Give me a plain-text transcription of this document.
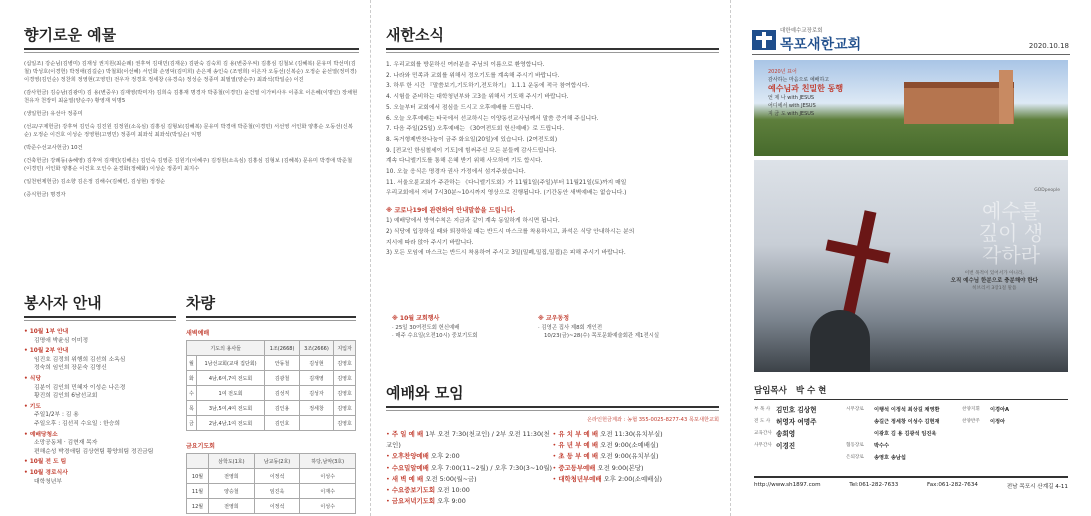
향기로운 예물

(십일조) 강순님(김병미) 김재성 권지원(최순례) 권후억 김대민(김재운) 김판숙 김숙희 김 용(변중우씨) 김홍심 김철보 (김혜복) 문유미 박선미(김 철) 박성호(이경헌) 박정애(김길순) 박철회(이선혜) 서인화 손영덕(김미희) 손은재 송인숙 (조영희) 이은자 오동선(신복순) 오정순 윤선열(정미경) 이경영(김인순) 정찬희 정영현(고영민) 전우자 정경호 정세창 (유경숙) 정성순 정종미 최필열(양순주) 최좌석(박일순) 이진

(감사헌금) 김승남(김광미) 김 용(변중우) 김재영(박미자) 김희숙 김홍재 명경자 박종철(이경민) 윤건열 이가비사우 이종호 이은혜(이명인) 장채현 천유자 천장미 최윤열(양순주) 황영재 익명5

(생일헌금) 유선아 정종미

(선교/구제헌금) 강후억 김인숙 김진원 김정원(소옥심) 김홍심 김형보(김혜복) 문유미 박경애 박준철(이경민) 서선영 서인화 양홍순 오동선(신복순) 오정순 이건호 이성순 정영현(고영민) 정종미 최좌석 최좌석(박일순) 익명

(박준수선교사헌금) 10건

(건축헌금) 강례동(송혜영) 김후억 김재민(김해은) 김인숙 김영준 김원기(이혜주) 김정원(소옥심) 김홍심 김형보 (김혜복) 문유미 박경애 박준철(이경민) 서인화 양홍순 이건호 오인수 윤경화(정혜화) 이성순 정종미 최지수

(일천번제헌금) 김소향 김은정 김해수(김혜린, 김성현) 정정순

(증식헌금) 명경자

봉사자 안내
• 10월 1부 안내
김명애 박윤심 이미정
• 10월 2부 안내
임진호 김정희 위행희 김선희 소옥심
정숙희 임인희 장문숙 김영신
• 식당
김분이 김인희 민혜자 이성순 나은경
황진희 김인희 6남선교회
• 기도
주일1/2부 : 김 용
주일오후 : 김선직 수요일 : 한승희
• 예배당청소
소망공동체 · 김현재 목자
편해순성 박경애팀 김상현팀 황양희팀 정진금팀
• 10월 전 도 팀
• 10월 경로식사
대학청년부
차량
새벽예배
기도의 용사들		1조(2668)	3조(2666)	지입자
월	1남선교회(교대 집단회)	안동철	김성현	김영호
화	4남,6여,7여 전도회	김광철	김재영	김영호
수	1여 전도회	김성직	김성자	김영호
목	3남,5여,4여 전도회	김인용	정세창	김영호
금	2남,4남,1여 전도회	김인호		김영호
금요기도회
	삼학도(1호)	남교동(2호)	하당,남악(3호)
10월	전영희	이정석	이성수
11월	양승철	임진욱	이재수
12월	전영희	이정석	이성수
새한소식
1. 우리교회를 방문하신 여러분을 주님의 이름으로 환영합니다.
2. 나라와 민족과 교회를 위해서 정오기도를 계속해 주시기 바랍니다.
3. 하루 한 시간 『말씀보기,기도하기,전도하기』 1.1.1 운동에 적극 참여합시다.
4. 시험을 준비하는 대학청년부와 고3을 위해서 기도해 주시기 바랍니다.
5. 오늘부터 교회에서 점심을 드시고 오후예배를 드립니다.
6. 오늘 오후예배는 타국에서 선교하시는 이양동선교사님께서 말씀 증거해 주십니다.
7. 다음 주일(25일) 오후예배는 《30여전도회 헌신예배》로 드립니다.
8. 독거형제반찬나눔이 금주 화요일(20일)에 있습니다. (2여전도회)
9. [전교인 한심철세이 기도]에 힘써주신 모든 분들께 감사드립니다.
계속 다니엘기도를 통해 은혜 받기 위해 사모하며 기도 합시다.
10. 오늘 응식은 명경자 권사 가정에서 섬겨주셨습니다.
11. 서울오륜교회가 주관하는 《다니엘기도회》가 11월1일(주일)부터 11월21일(토)까지 매일
우리교회에서 저녁 7시30분~10시까지 영상으로 진행됩니다. (기간동안 새벽예배는 없습니다.)
※ 코로나19에 관련하여 안내말씀을 드립니다.
1) 예배당에서 방역수칙은 지금과 같이 계속 동일하게 하시면 됩니다.
2) 식당에 입장하실 때와 퇴장하실 때는 반드시 마스크를 착용하시고, 좌석은 식당 안내하시는 분의
지시에 따라 앉아 주시기 바랍니다.
3) 모든 모임에 마스크는 반드시 착용하여 주시고 3밀(밀폐,밀집,밀접)은 피해 주시기 바랍니다.
※ 10월 교회행사
· 25일 30여전도회 헌신예배
· 매주 수요일(오전10시) 중보기도회
※ 교우동정
· 김영곤 집사 제8회 개인전
10/23(금)~28(수) 목포문화예술회관 제1전시실
예배와 모임
온라인헌금계좌 : 농협 355-0025-8277-43 목포새한교회
• 주 일 예 배 1부 오전 7:30(천교인) / 2부 오전 11:30(천교인)
• 오후찬양예배 오후 2:00
• 수요밀알예배 오후 7:00(11~2월) / 오후 7:30(3~10월)
• 새 벽 예 배 오전 5:00(월~금)
• 수요중보기도회 오전 10:00
• 금요저녁기도회 오후 9:00
• 유 치 부 예 배 오전 11:30(유치부실)
• 유 년 부 예 배 오전 9:00(소예배실)
• 초 등 부 예 배 오전 9:00(유치부실)
• 중고등부예배 오전 9:00(본당)
• 대학청년부예배 오후 2:00(소예배실)
대한예수교장로회
목포새한교회	2020.10.18
2020년 표어
감사하는 마음으로 예배하고
예수님과 친밀한 동행
언 제 나 with JESUS
어디에서 with JESUS
지 금 도 with JESUS
GODpeople
예수를 깊이 생각하라
이번 목적이 있어서가 아니라,
오직 예수님 한분으로 충분해야 한다
히브리서 3장1절 말씀
담임목사 박 수 현
부 목 사 김민호 김상현
전 도 사 허영자 여명주
교육간사 송희영
사무간사 이경진
시무장로	이행석 이정석 최상길 채영환
송길근 정세창 이성수 김현재
이광호 김 용 김광석 임진욱
협동장로	박수수
은퇴장로	송영호 송남섭
찬양지휘	이경아A
찬양반주	이정아
http://www.sh1897.com	Tel:061-282-7633	Fax:061-282-7634	전남 목포시 산계길 4-11
